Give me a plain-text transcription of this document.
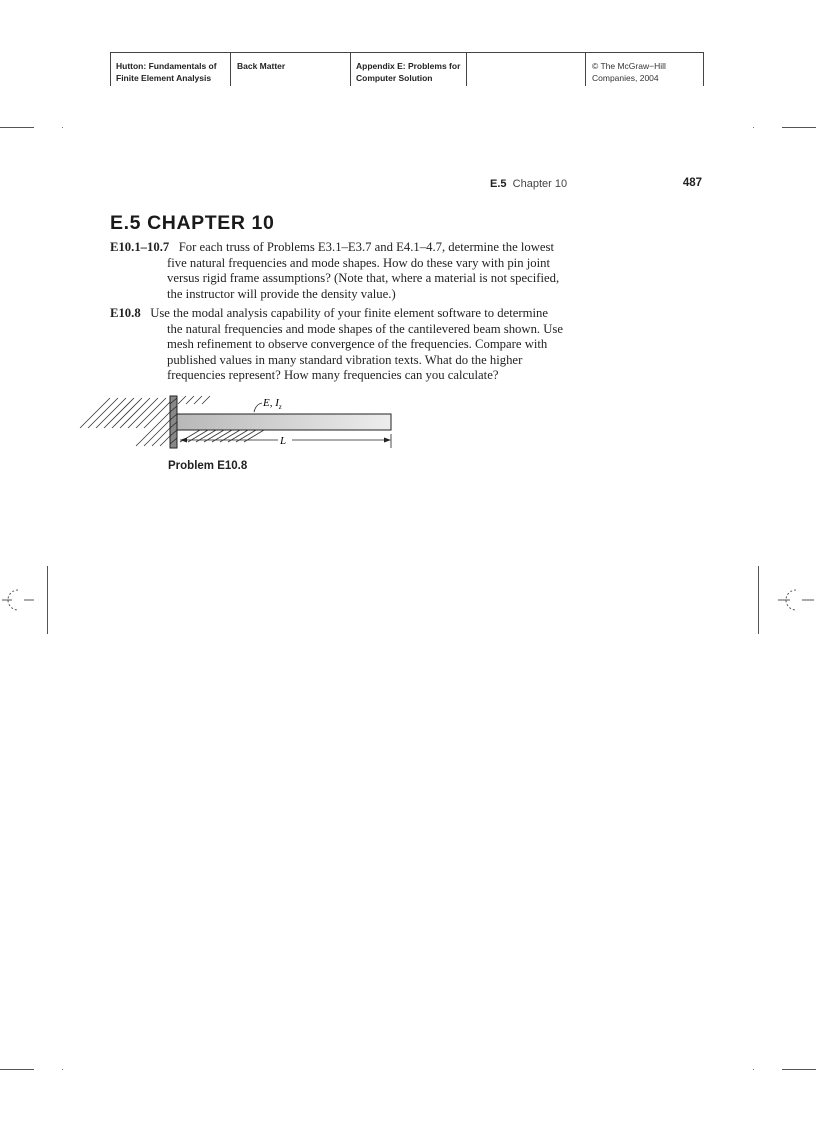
Hutton: Fundamentals of
Finite Element Analysis
Back Matter	Appendix E: Problems for
Computer Solution
© The McGraw−Hill
Companies, 2004
E.5 Chapter 10	487
E.5 CHAPTER 10
E10.1–10.7 For each truss of Problems E3.1–E3.7 and E4.1–4.7, determine the lowest
five natural frequencies and mode shapes. How do these vary with pin joint
versus rigid frame assumptions? (Note that, where a material is not specified,
the instructor will provide the density value.)
E10.8 Use the modal analysis capability of your finite element software to determine
the natural frequencies and mode shapes of the cantilevered beam shown. Use
mesh refinement to observe convergence of the frequencies. Compare with
published values in many standard vibration texts. What do the higher
frequencies represent? How many frequencies can you calculate?
E, $I_z$
L
Problem E10.8
